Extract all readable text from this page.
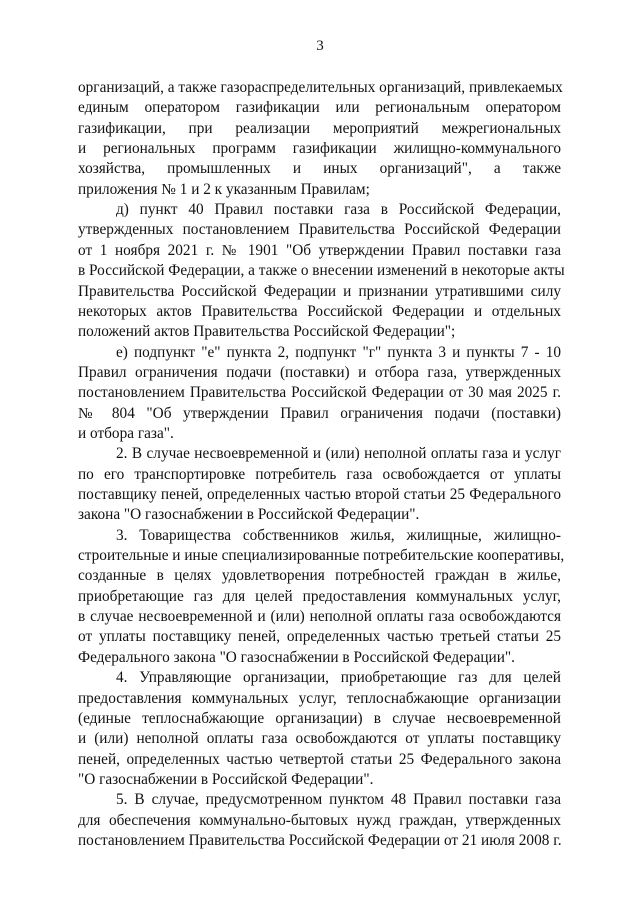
3
организаций, а также газораспределительных организаций, привлекаемых
единым оператором газификации или региональным оператором
газификации, при реализации мероприятий межрегиональных
и региональных программ газификации жилищно-коммунального
хозяйства, промышленных и иных организаций", а также
приложения № 1 и 2 к указанным Правилам;
д) пункт 40 Правил поставки газа в Российской Федерации,
утвержденных постановлением Правительства Российской Федерации
от 1 ноября 2021 г. № 1901 "Об утверждении Правил поставки газа
в Российской Федерации, а также о внесении изменений в некоторые акты
Правительства Российской Федерации и признании утратившими силу
некоторых актов Правительства Российской Федерации и отдельных
положений актов Правительства Российской Федерации";
е) подпункт "е" пункта 2, подпункт "г" пункта 3 и пункты 7 - 10
Правил ограничения подачи (поставки) и отбора газа, утвержденных
постановлением Правительства Российской Федерации от 30 мая 2025 г.
№ 804 "Об утверждении Правил ограничения подачи (поставки)
и отбора газа".
2. В случае несвоевременной и (или) неполной оплаты газа и услуг
по его транспортировке потребитель газа освобождается от уплаты
поставщику пеней, определенных частью второй статьи 25 Федерального
закона "О газоснабжении в Российской Федерации".
3. Товарищества собственников жилья, жилищные, жилищно-
строительные и иные специализированные потребительские кооперативы,
созданные в целях удовлетворения потребностей граждан в жилье,
приобретающие газ для целей предоставления коммунальных услуг,
в случае несвоевременной и (или) неполной оплаты газа освобождаются
от уплаты поставщику пеней, определенных частью третьей статьи 25
Федерального закона "О газоснабжении в Российской Федерации".
4. Управляющие организации, приобретающие газ для целей
предоставления коммунальных услуг, теплоснабжающие организации
(единые теплоснабжающие организации) в случае несвоевременной
и (или) неполной оплаты газа освобождаются от уплаты поставщику
пеней, определенных частью четвертой статьи 25 Федерального закона
"О газоснабжении в Российской Федерации".
5. В случае, предусмотренном пунктом 48 Правил поставки газа
для обеспечения коммунально-бытовых нужд граждан, утвержденных
постановлением Правительства Российской Федерации от 21 июля 2008 г.
